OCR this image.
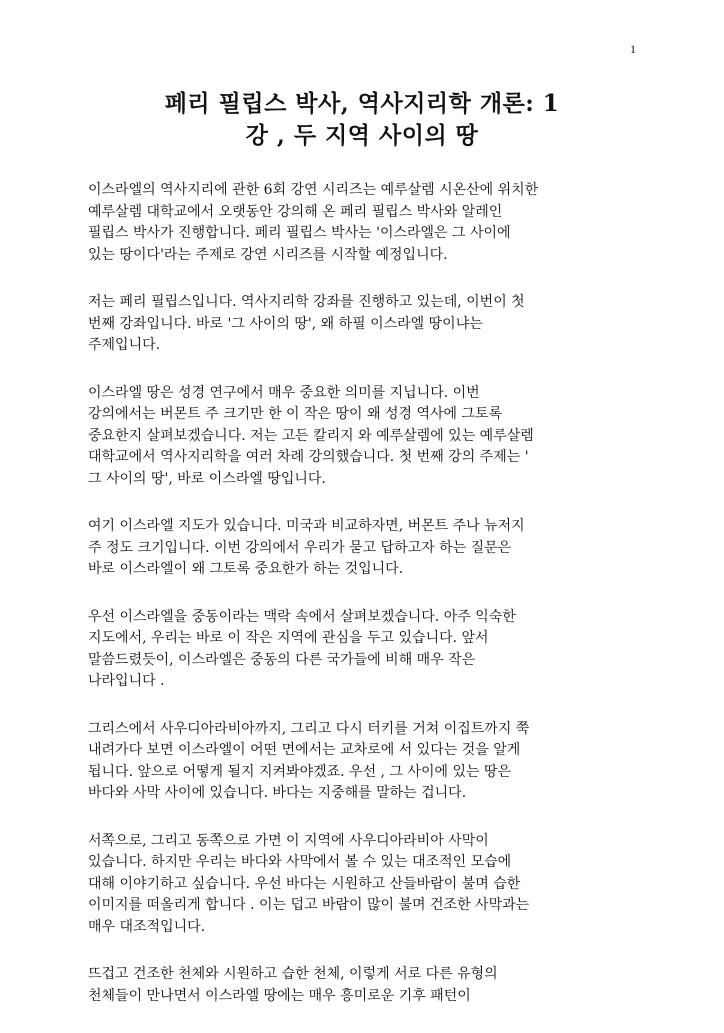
1
페리 필립스 박사, 역사지리학 개론: 1
강 , 두 지역 사이의 땅

이스라엘의 역사지리에 관한 6회 강연 시리즈는 예루살렘 시온산에 위치한
예루살렘 대학교에서 오랫동안 강의해 온 페리 필립스 박사와 알레인
필립스 박사가 진행합니다. 페리 필립스 박사는 '이스라엘은 그 사이에
있는 땅이다'라는 주제로 강연 시리즈를 시작할 예정입니다.

저는 페리 필립스입니다. 역사지리학 강좌를 진행하고 있는데, 이번이 첫
번째 강좌입니다. 바로 '그 사이의 땅', 왜 하필 이스라엘 땅이냐는
주제입니다.

이스라엘 땅은 성경 연구에서 매우 중요한 의미를 지닙니다. 이번
강의에서는 버몬트 주 크기만 한 이 작은 땅이 왜 성경 역사에 그토록
중요한지 살펴보겠습니다. 저는 고든 칼리지 와 예루살렘에 있는 예루살렘
대학교에서 역사지리학을 여러 차례 강의했습니다. 첫 번째 강의 주제는 '
그 사이의 땅', 바로 이스라엘 땅입니다.

여기 이스라엘 지도가 있습니다. 미국과 비교하자면, 버몬트 주나 뉴저지
주 정도 크기입니다. 이번 강의에서 우리가 묻고 답하고자 하는 질문은
바로 이스라엘이 왜 그토록 중요한가 하는 것입니다.

우선 이스라엘을 중동이라는 맥락 속에서 살펴보겠습니다. 아주 익숙한
지도에서, 우리는 바로 이 작은 지역에 관심을 두고 있습니다. 앞서
말씀드렸듯이, 이스라엘은 중동의 다른 국가들에 비해 매우 작은
나라입니다 .

그리스에서 사우디아라비아까지, 그리고 다시 터키를 거쳐 이집트까지 쭉
내려가다 보면 이스라엘이 어떤 면에서는 교차로에 서 있다는 것을 알게
됩니다. 앞으로 어떻게 될지 지켜봐야겠죠. 우선 , 그 사이에 있는 땅은
바다와 사막 사이에 있습니다. 바다는 지중해를 말하는 겁니다.

서쪽으로, 그리고 동쪽으로 가면 이 지역에 사우디아라비아 사막이
있습니다. 하지만 우리는 바다와 사막에서 볼 수 있는 대조적인 모습에
대해 이야기하고 싶습니다. 우선 바다는 시원하고 산들바람이 불며 습한
이미지를 떠올리게 합니다 . 이는 덥고 바람이 많이 불며 건조한 사막과는
매우 대조적입니다.

뜨겁고 건조한 천체와 시원하고 습한 천체, 이렇게 서로 다른 유형의
천체들이 만나면서 이스라엘 땅에는 매우 흥미로운 기후 패턴이
